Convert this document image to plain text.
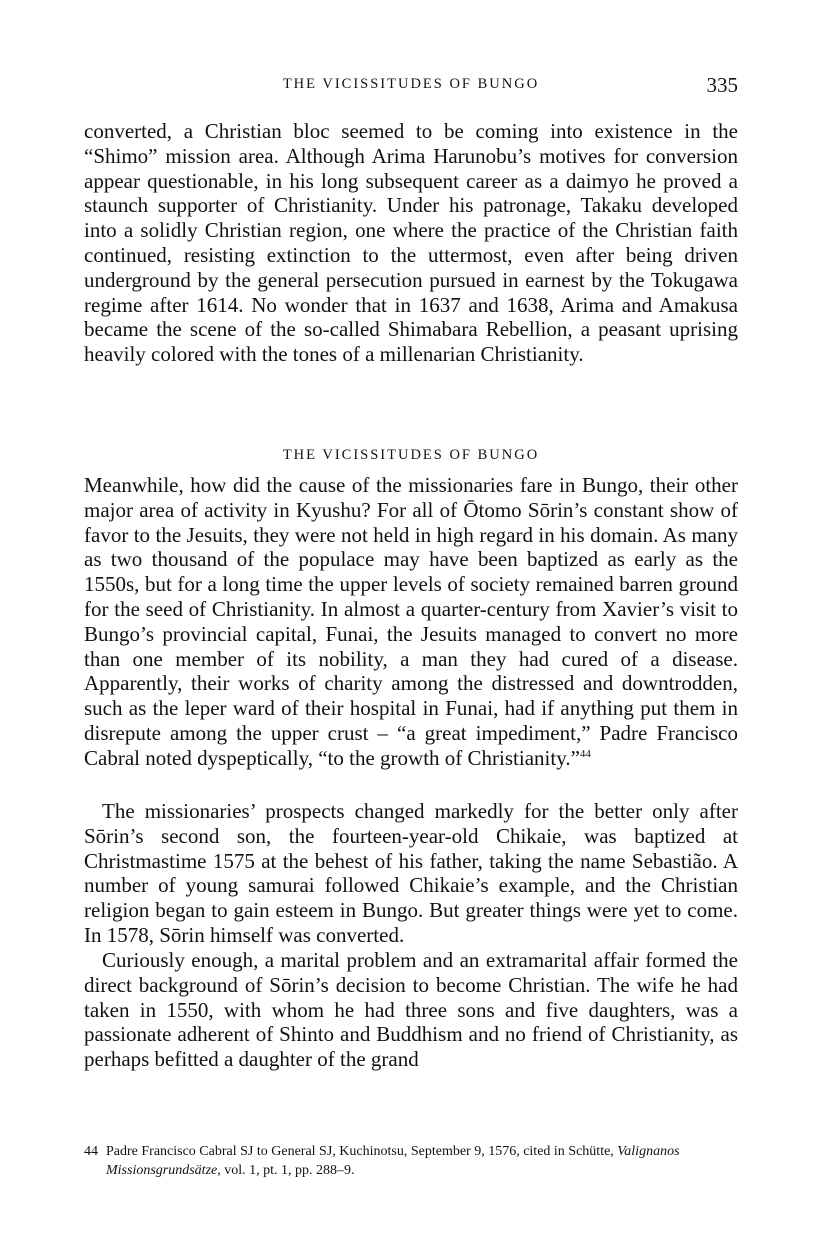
THE VICISSITUDES OF BUNGO	335

converted, a Christian bloc seemed to be coming into existence in the “Shimo” mission area. Although Arima Harunobu’s motives for conversion appear questionable, in his long subsequent career as a daimyo he proved a staunch supporter of Christianity. Under his patronage, Takaku developed into a solidly Christian region, one where the practice of the Christian faith continued, resisting extinction to the uttermost, even after being driven underground by the general persecution pursued in earnest by the Tokugawa regime after 1614. No wonder that in 1637 and 1638, Arima and Amakusa became the scene of the so-called Shimabara Rebellion, a peasant uprising heavily colored with the tones of a millenarian Christianity.

THE VICISSITUDES OF BUNGO

Meanwhile, how did the cause of the missionaries fare in Bungo, their other major area of activity in Kyushu? For all of Ōtomo Sōrin’s constant show of favor to the Jesuits, they were not held in high regard in his domain. As many as two thousand of the populace may have been baptized as early as the 1550s, but for a long time the upper levels of society remained barren ground for the seed of Christianity. In almost a quarter-century from Xavier’s visit to Bungo’s provincial capital, Funai, the Jesuits managed to convert no more than one member of its nobility, a man they had cured of a disease. Apparently, their works of charity among the distressed and downtrodden, such as the leper ward of their hospital in Funai, had if anything put them in disrepute among the upper crust – “a great impediment,” Padre Francisco Cabral noted dyspeptically, “to the growth of Christianity.”$^{44}$

The missionaries’ prospects changed markedly for the better only after Sōrin’s second son, the fourteen-year-old Chikaie, was baptized at Christmastime 1575 at the behest of his father, taking the name Sebastião. A number of young samurai followed Chikaie’s example, and the Christian religion began to gain esteem in Bungo. But greater things were yet to come. In 1578, Sōrin himself was converted.

Curiously enough, a marital problem and an extramarital affair formed the direct background of Sōrin’s decision to become Christian. The wife he had taken in 1550, with whom he had three sons and five daughters, was a passionate adherent of Shinto and Buddhism and no friend of Christianity, as perhaps befitted a daughter of the grand

44 Padre Francisco Cabral SJ to General SJ, Kuchinotsu, September 9, 1576, cited in Schütte, Valignanos Missionsgrundsätze, vol. 1, pt. 1, pp. 288–9.
